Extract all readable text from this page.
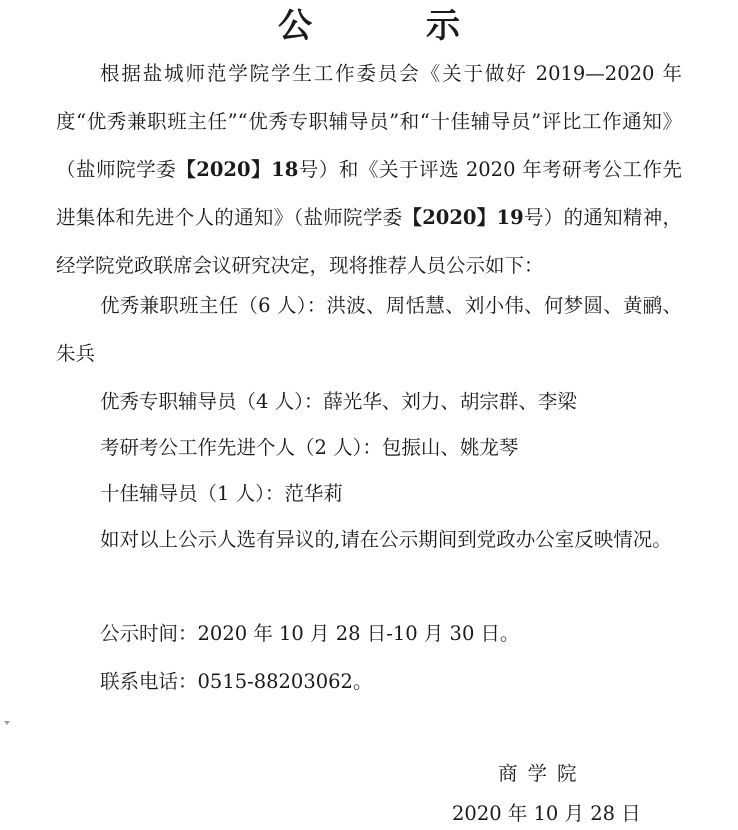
公　示

根据盐城师范学院学生工作委员会《关于做好 2019—2020 年度“优秀兼职班主任”“优秀专职辅导员”和“十佳辅导员”评比工作通知》（盐师院学委【2020】18号）和《关于评选 2020 年考研考公工作先进集体和先进个人的通知》（盐师院学委【2020】19号）的通知精神，经学院党政联席会议研究决定，现将推荐人员公示如下：

优秀兼职班主任（6 人）：洪波、周恬慧、刘小伟、何梦圆、黄鹂、朱兵

优秀专职辅导员（4 人）：薛光华、刘力、胡宗群、李梁

考研考公工作先进个人（2 人）：包振山、姚龙琴

十佳辅导员（1 人）：范华莉

如对以上公示人选有异议的,请在公示期间到党政办公室反映情况。

公示时间：2020 年 10 月 28 日-10 月 30 日。

联系电话：0515-88203062。

商学院
2020 年 10 月 28 日
